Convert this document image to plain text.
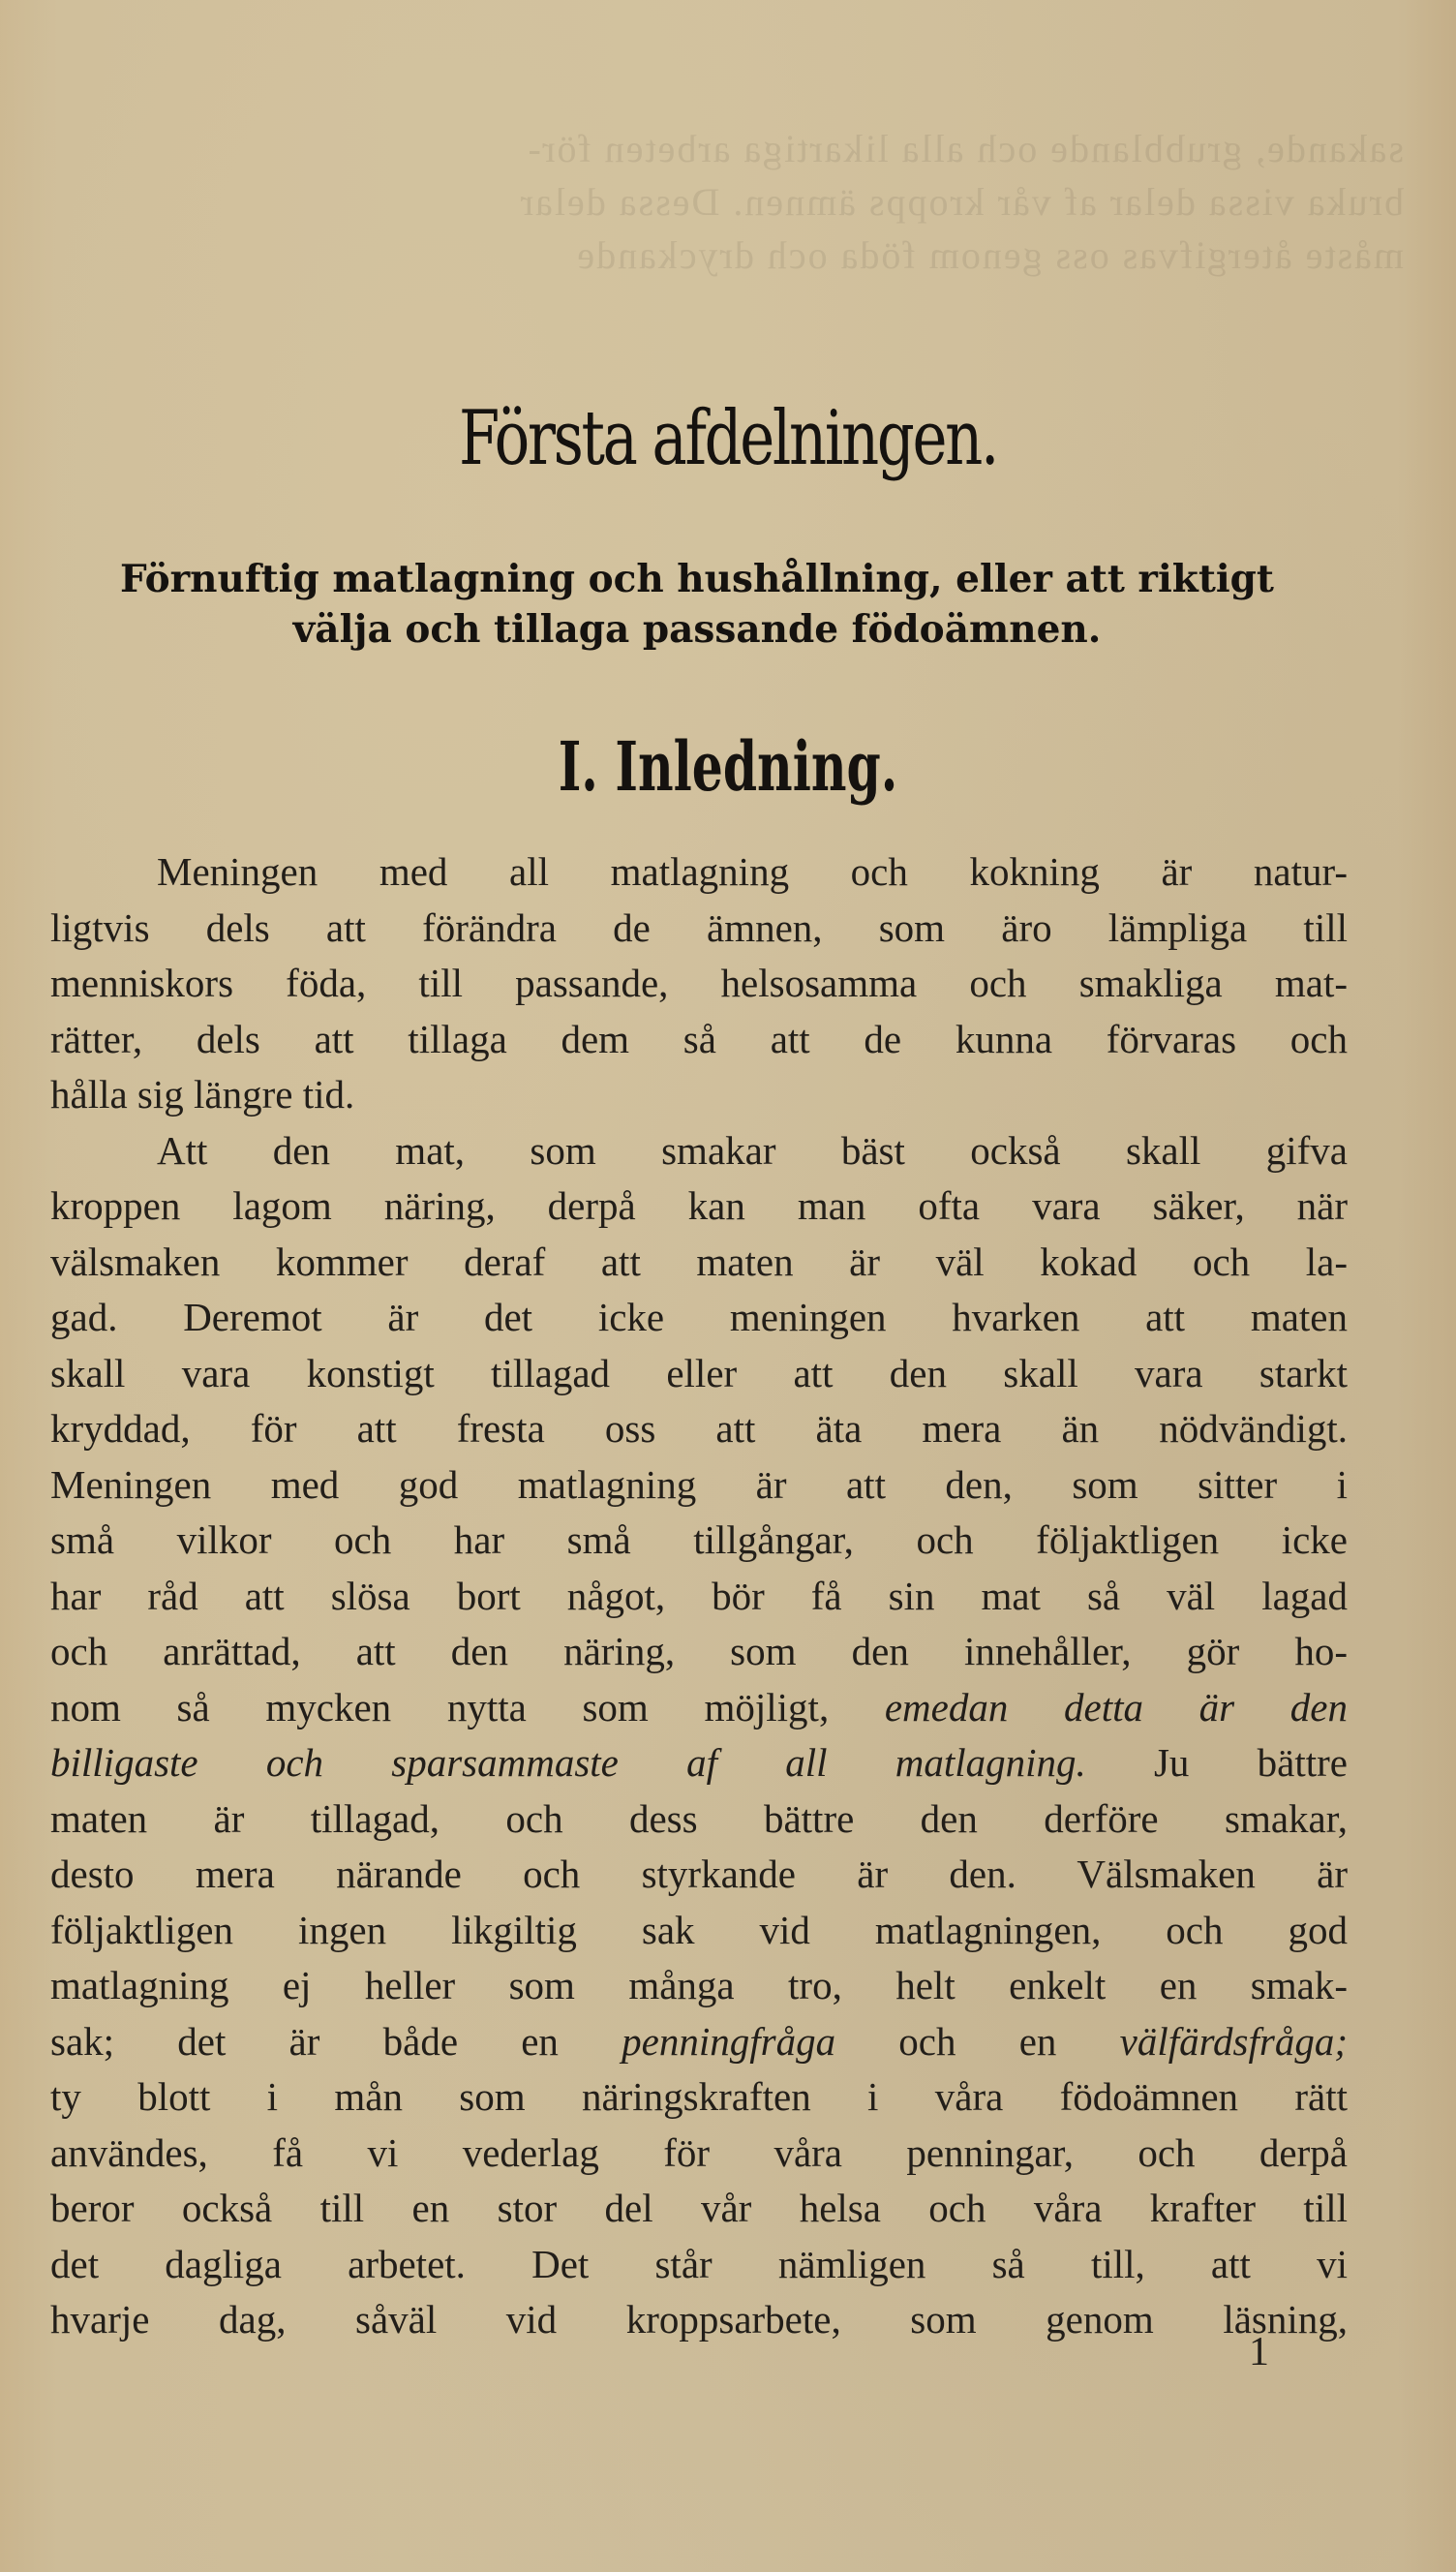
sakande, grubblande och alla likartiga arbeten för-
bruka vissa delar af vår kropps ämnen. Dessa delar
måste återgifvas oss genom föda och dryckande
Första afdelningen.
Förnuftig matlagning och hushållning, eller att riktigt
välja och tillaga passande födoämnen.
I. Inledning.
Meningen med all matlagning och kokning är natur-
ligtvis dels att förändra de ämnen, som äro lämpliga till
menniskors föda, till passande, helsosamma och smakliga mat-
rätter, dels att tillaga dem så att de kunna förvaras och
hålla sig längre tid.
Att den mat, som smakar bäst också skall gifva
kroppen lagom näring, derpå kan man ofta vara säker, när
välsmaken kommer deraf att maten är väl kokad och la-
gad. Deremot är det icke meningen hvarken att maten
skall vara konstigt tillagad eller att den skall vara starkt
kryddad, för att fresta oss att äta mera än nödvändigt.
Meningen med god matlagning är att den, som sitter i
små vilkor och har små tillgångar, och följaktligen icke
har råd att slösa bort något, bör få sin mat så väl lagad
och anrättad, att den näring, som den innehåller, gör ho-
nom så mycken nytta som möjligt, emedan detta är den
billigaste och sparsammaste af all matlagning. Ju bättre
maten är tillagad, och dess bättre den derföre smakar,
desto mera närande och styrkande är den. Välsmaken är
följaktligen ingen likgiltig sak vid matlagningen, och god
matlagning ej heller som många tro, helt enkelt en smak-
sak; det är både en penningfråga och en välfärdsfråga;
ty blott i mån som näringskraften i våra födoämnen rätt
användes, få vi vederlag för våra penningar, och derpå
beror också till en stor del vår helsa och våra krafter till
det dagliga arbetet. Det står nämligen så till, att vi
hvarje dag, såväl vid kroppsarbete, som genom läsning,
1
